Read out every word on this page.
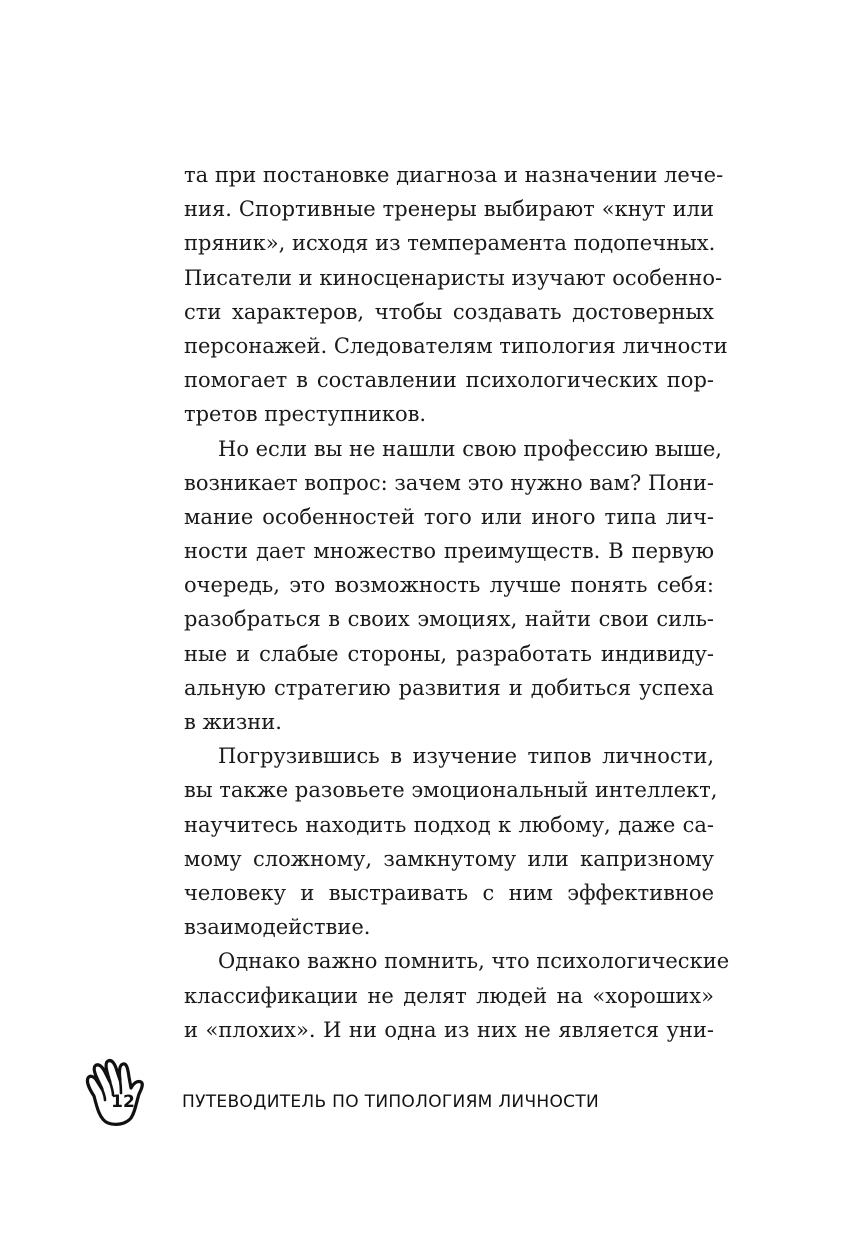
та при постановке диагноза и назначении лече-
ния. Спортивные тренеры выбирают «кнут или
пряник», исходя из темперамента подопечных.
Писатели и киносценаристы изучают особенно-
сти характеров, чтобы создавать достоверных
персонажей. Следователям типология личности
помогает в составлении психологических пор-
третов преступников.
Но если вы не нашли свою профессию выше,
возникает вопрос: зачем это нужно вам? Пони-
мание особенностей того или иного типа лич-
ности дает множество преимуществ. В первую
очередь, это возможность лучше понять себя:
разобраться в своих эмоциях, найти свои силь-
ные и слабые стороны, разработать индивиду-
альную стратегию развития и добиться успеха
в жизни.
Погрузившись в изучение типов личности,
вы также разовьете эмоциональный интеллект,
научитесь находить подход к любому, даже са-
мому сложному, замкнутому или капризному
человеку и выстраивать с ним эффективное
взаимодействие.
Однако важно помнить, что психологические
классификации не делят людей на «хороших»
и «плохих». И ни одна из них не является уни-
12	ПУТЕВОДИТЕЛЬ ПО ТИПОЛОГИЯМ ЛИЧНОСТИ
